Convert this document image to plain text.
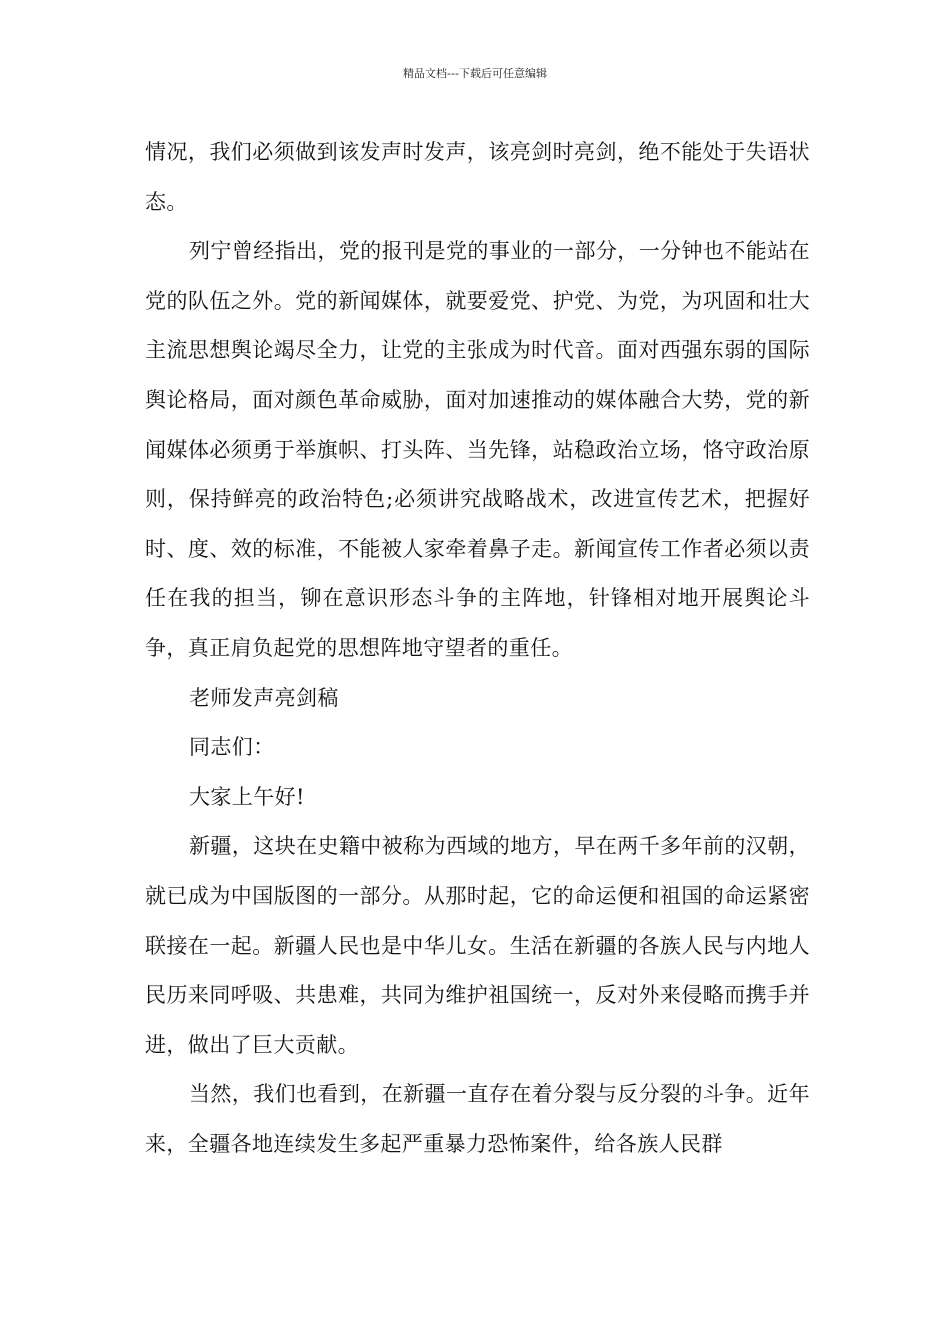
精品文档---下载后可任意编辑

情况，我们必须做到该发声时发声，该亮剑时亮剑，绝不能处于失语状态。

列宁曾经指出，党的报刊是党的事业的一部分，一分钟也不能站在党的队伍之外。党的新闻媒体，就要爱党、护党、为党，为巩固和壮大主流思想舆论竭尽全力，让党的主张成为时代音。面对西强东弱的国际舆论格局，面对颜色革命威胁，面对加速推动的媒体融合大势，党的新闻媒体必须勇于举旗帜、打头阵、当先锋，站稳政治立场，恪守政治原则，保持鲜亮的政治特色;必须讲究战略战术，改进宣传艺术，把握好时、度、效的标准，不能被人家牵着鼻子走。新闻宣传工作者必须以责任在我的担当，铆在意识形态斗争的主阵地，针锋相对地开展舆论斗争，真正肩负起党的思想阵地守望者的重任。

老师发声亮剑稿

同志们：

大家上午好!

新疆，这块在史籍中被称为西域的地方，早在两千多年前的汉朝，就已成为中国版图的一部分。从那时起，它的命运便和祖国的命运紧密联接在一起。新疆人民也是中华儿女。生活在新疆的各族人民与内地人民历来同呼吸、共患难，共同为维护祖国统一，反对外来侵略而携手并进，做出了巨大贡献。

当然，我们也看到，在新疆一直存在着分裂与反分裂的斗争。近年来，全疆各地连续发生多起严重暴力恐怖案件，给各族人民群
